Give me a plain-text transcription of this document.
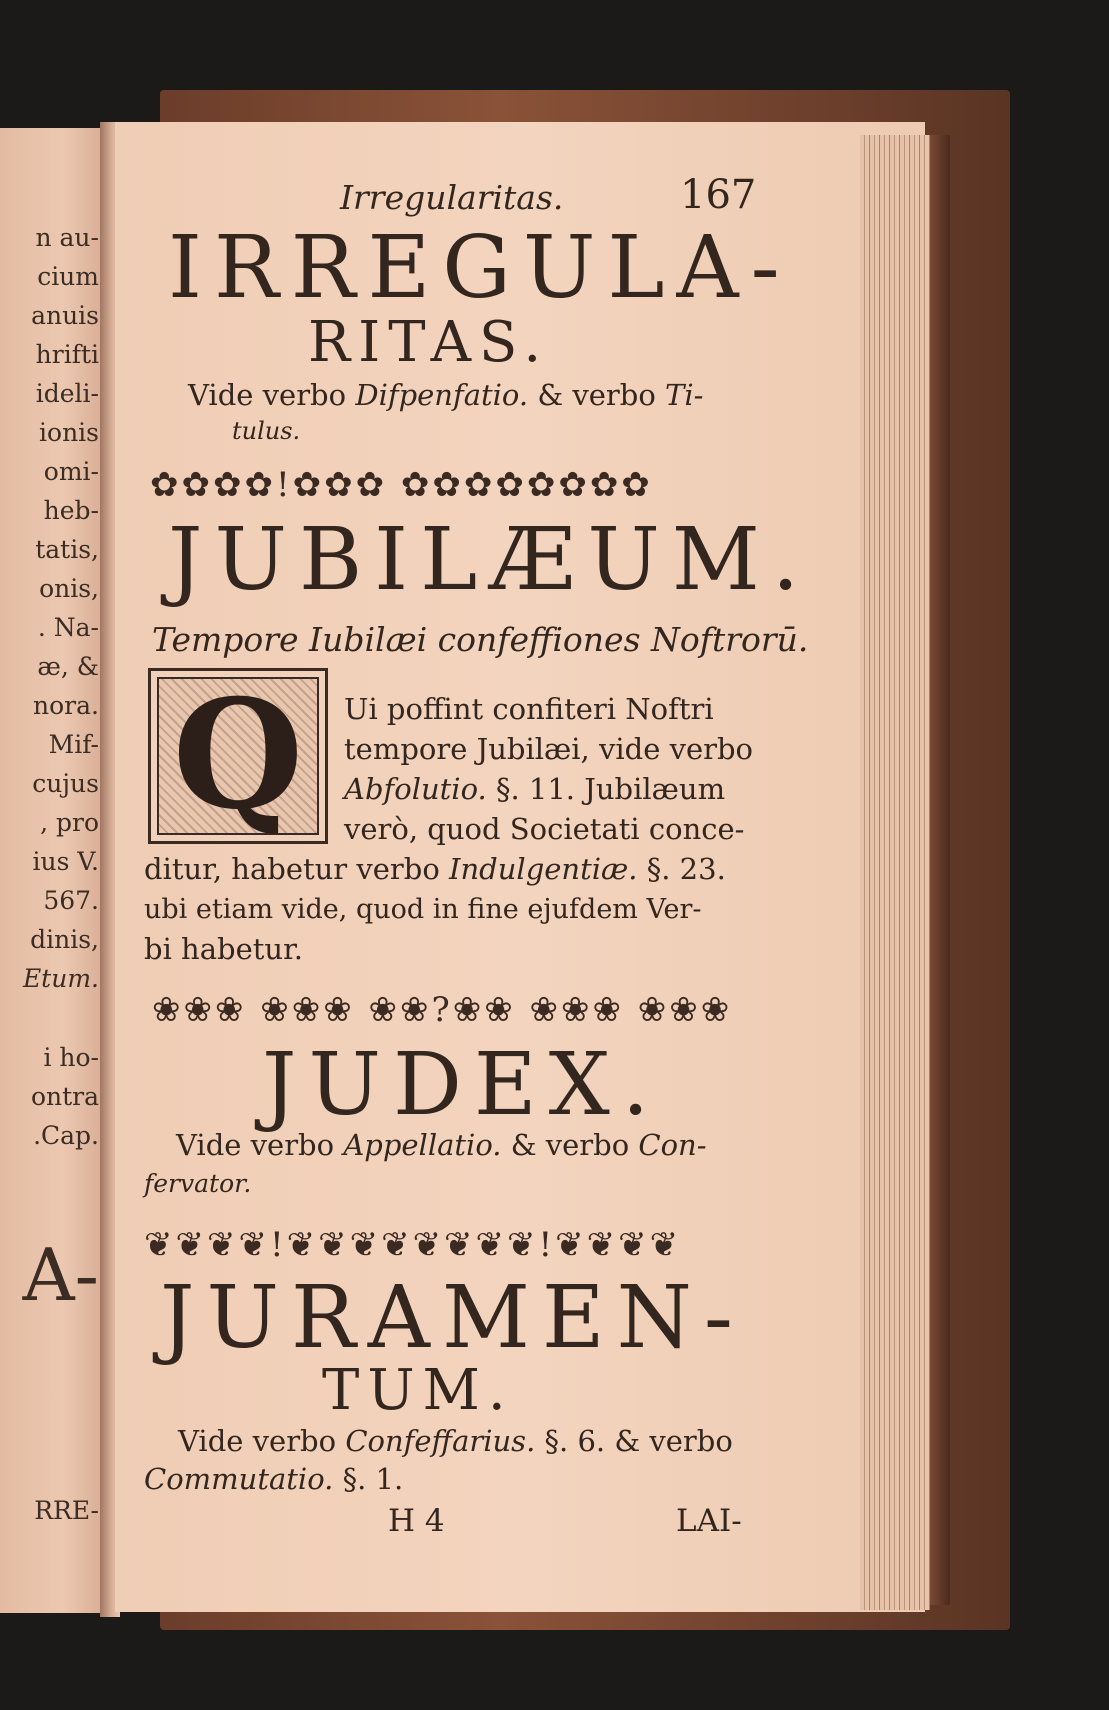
n au-
cium
anuis
hrifti
ideli-
ionis
omi-
heb-
tatis,
onis,
. Na-
æ, &
nora.
Mif-
cujus
, pro
ius V.
567.
dinis,
Etum.
i ho-
ontra
.Cap.
A-
RRE-
Irregularitas.	167
IRREGULA-
RITAS.
Vide verbo Difpenfatio. & verbo Ti-
tulus.
✿✿✿✿!✿✿✿ ✿✿✿✿✿✿✿✿
JUBILÆUM.
Tempore Iubilæi confeffiones Noftrorū.
Q	Ui poffint confiteri Noftri
tempore Jubilæi, vide verbo
Abfolutio. §. 11. Jubilæum
verò, quod Societati conce-
ditur, habetur verbo Indulgentiæ. §. 23.
ubi etiam vide, quod in fine ejufdem Ver-
bi habetur.
❀❀❀ ❀❀❀ ❀❀?❀❀ ❀❀❀ ❀❀❀
JUDEX.
Vide verbo Appellatio. & verbo Con-
fervator.
❦❦❦❦!❦❦❦❦❦❦❦❦!❦❦❦❦
JURAMEN-
TUM.
Vide verbo Confeffarius. §. 6. & verbo
Commutatio. §. 1.
H 4	LAI-
